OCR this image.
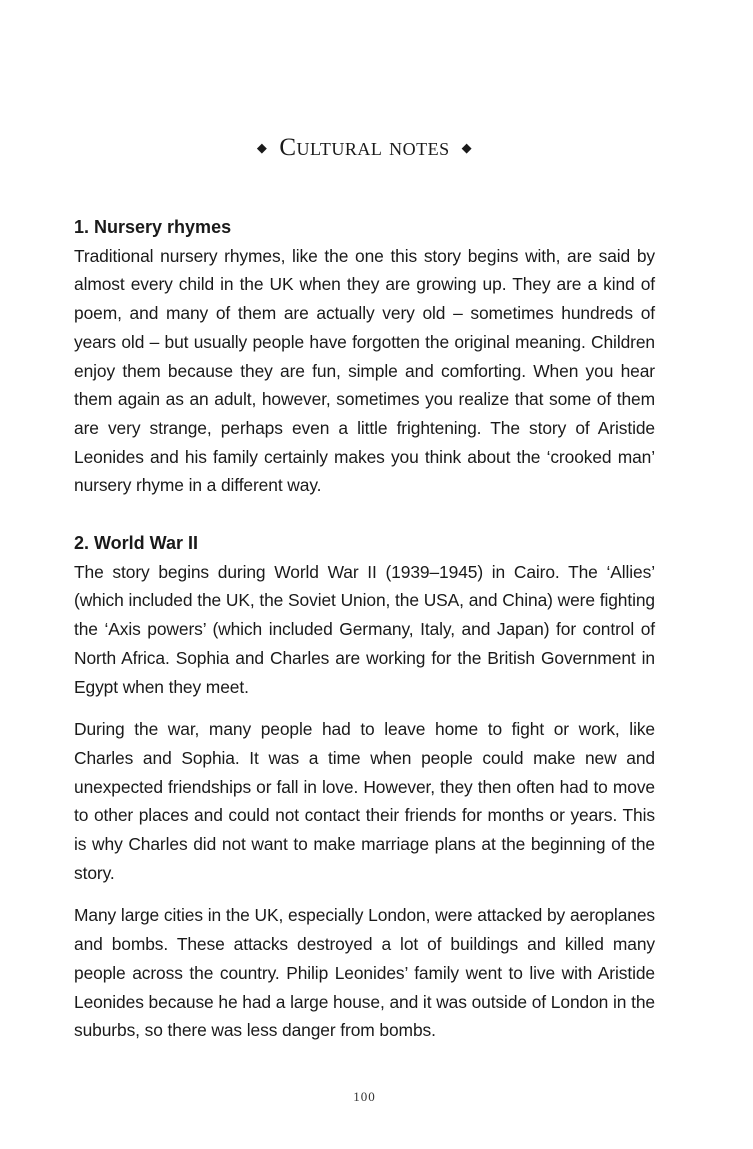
◆ Cultural notes ◆
1. Nursery rhymes

Traditional nursery rhymes, like the one this story begins with, are said by almost every child in the UK when they are growing up. They are a kind of poem, and many of them are actually very old – sometimes hundreds of years old – but usually people have forgotten the original meaning. Children enjoy them because they are fun, simple and comforting. When you hear them again as an adult, however, sometimes you realize that some of them are very strange, perhaps even a little frightening. The story of Aristide Leonides and his family certainly makes you think about the ‘crooked man’ nursery rhyme in a different way.

2. World War II

The story begins during World War II (1939–1945) in Cairo. The ‘Allies’ (which included the UK, the Soviet Union, the USA, and China) were fighting the ‘Axis powers’ (which included Germany, Italy, and Japan) for control of North Africa. Sophia and Charles are working for the British Government in Egypt when they meet.

During the war, many people had to leave home to fight or work, like Charles and Sophia. It was a time when people could make new and unexpected friendships or fall in love. However, they then often had to move to other places and could not contact their friends for months or years. This is why Charles did not want to make marriage plans at the beginning of the story.

Many large cities in the UK, especially London, were attacked by aeroplanes and bombs. These attacks destroyed a lot of buildings and killed many people across the country. Philip Leonides’ family went to live with Aristide Leonides because he had a large house, and it was outside of London in the suburbs, so there was less danger from bombs.

100
